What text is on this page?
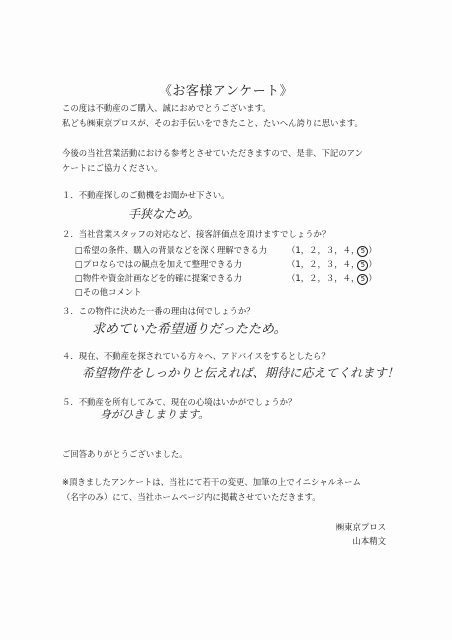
《お客様アンケート》
この度は不動産のご購入、誠におめでとうございます。
私ども㈱東京プロスが、そのお手伝いをできたこと、たいへん誇りに思います。
今後の当社営業活動における参考とさせていただきますので、是非、下記のアン
ケートにご協力ください。
１．不動産探しのご動機をお聞かせ下さい。
手狭なため。
２．当社営業スタッフの対応など、接客評価点を頂けますでしょうか？
□希望の条件、購入の背景などを深く理解できる力 （1，２，３，４，5 ）
□プロならではの観点を加えて整理できる力	（1，２，３，４，5 ）
□物件や資金計画などを的確に提案できる力	（1，２，３，４，5 ）
□その他コメント
３．この物件に決めた一番の理由は何でしょうか？
求めていた希望通りだったため。
４．現在、不動産を探されている方々へ、アドバイスをするとしたら？
希望物件をしっかりと伝えれば、期待に応えてくれます！
５．不動産を所有してみて、現在の心境はいかがでしょうか？
身がひきしまります。
ご回答ありがとうございました。
※頂きましたアンケートは、当社にて若干の変更、加筆の上でイニシャルネーム
（名字のみ）にて、当社ホームページ内に掲載させていただきます。
㈱東京プロス
山本精文
